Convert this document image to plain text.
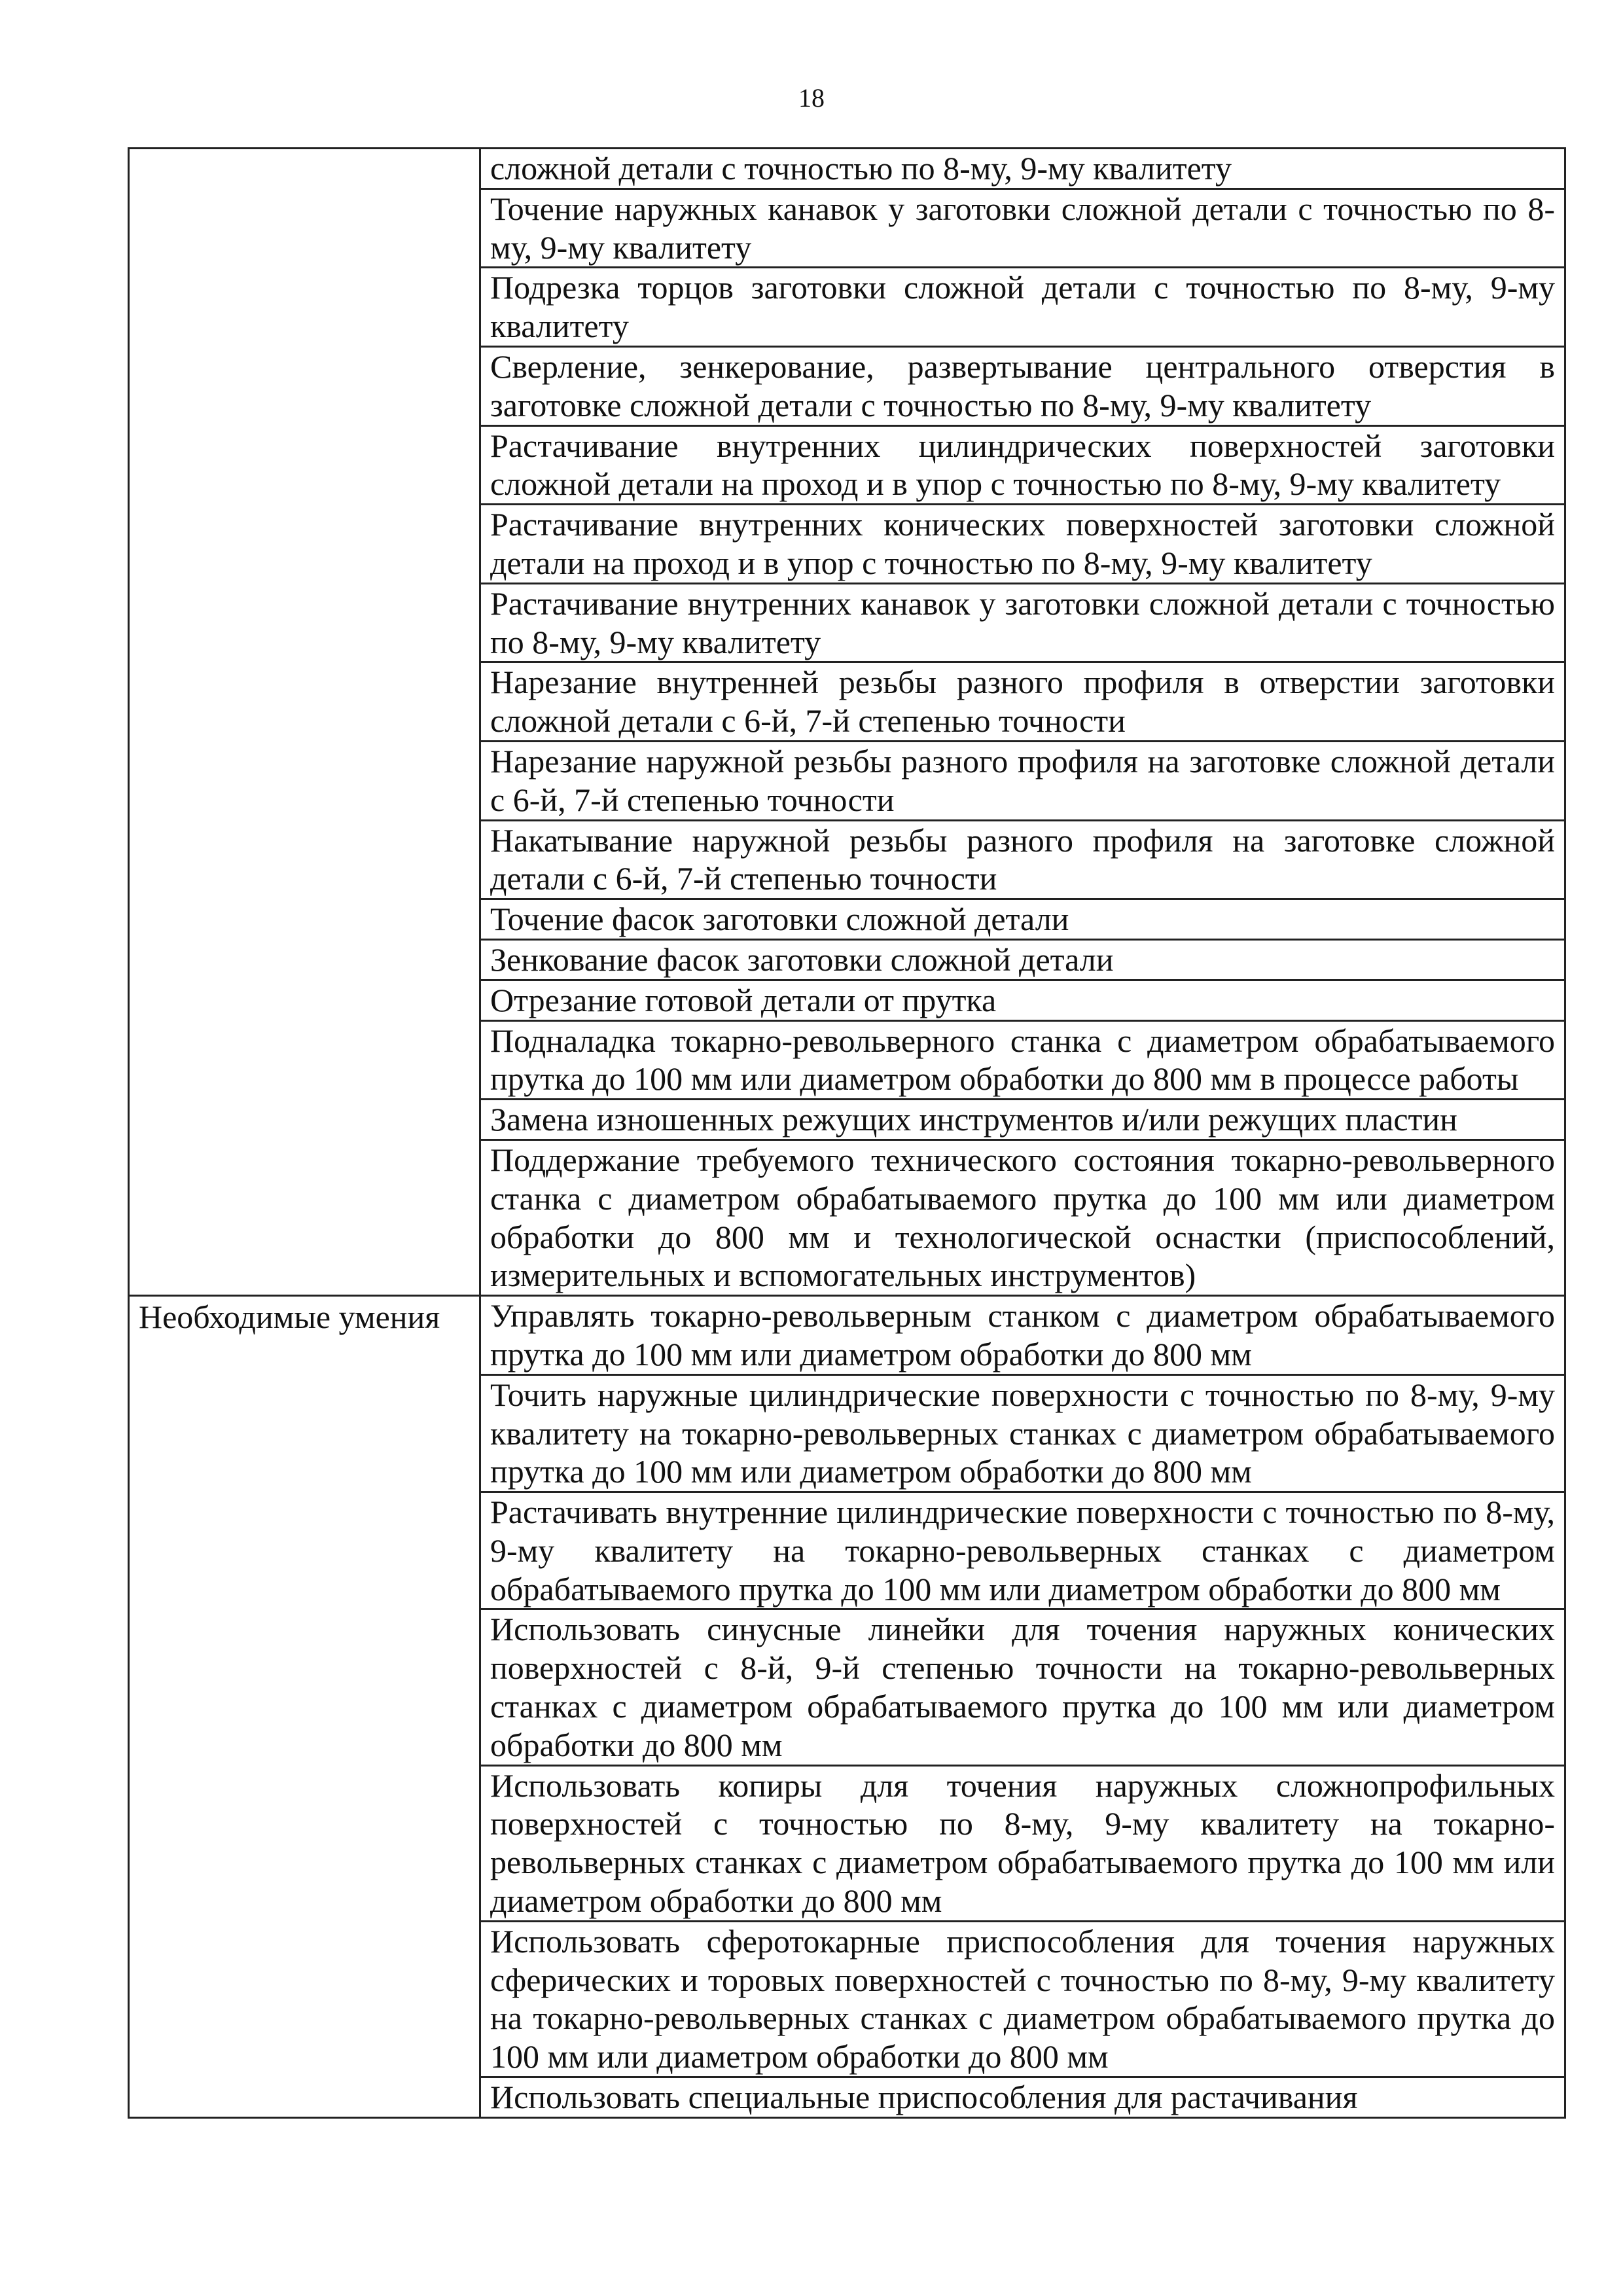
18

	сложной детали с точностью по 8-му, 9-му квалитету

	Точение наружных канавок у заготовки сложной детали с точностью по 8-му, 9-му квалитету

	Подрезка торцов заготовки сложной детали с точностью по 8-му, 9-му квалитету

	Сверление, зенкерование, развертывание центрального отверстия в заготовке сложной детали с точностью по 8-му, 9-му квалитету

	Растачивание внутренних цилиндрических поверхностей заготовки сложной детали на проход и в упор с точностью по 8-му, 9-му квалитету

	Растачивание внутренних конических поверхностей заготовки сложной детали на проход и в упор с точностью по 8-му, 9-му квалитету

	Растачивание внутренних канавок у заготовки сложной детали с точностью по 8-му, 9-му квалитету

	Нарезание внутренней резьбы разного профиля в отверстии заготовки сложной детали с 6-й, 7-й степенью точности

	Нарезание наружной резьбы разного профиля на заготовке сложной детали с 6-й, 7-й степенью точности

	Накатывание наружной резьбы разного профиля на заготовке сложной детали с 6-й, 7-й степенью точности

	Точение фасок заготовки сложной детали

	Зенкование фасок заготовки сложной детали

	Отрезание готовой детали от прутка

	Подналадка токарно-револьверного станка с диаметром обрабатываемого прутка до 100 мм или диаметром обработки до 800 мм в процессе работы

	Замена изношенных режущих инструментов и/или режущих пластин

	Поддержание требуемого технического состояния токарно-револьверного станка с диаметром обрабатываемого прутка до 100 мм или диаметром обработки до 800 мм и технологической оснастки (приспособлений, измерительных и вспомогательных инструментов)

Необходимые умения	Управлять токарно-револьверным станком с диаметром обрабатываемого прутка до 100 мм или диаметром обработки до 800 мм

	Точить наружные цилиндрические поверхности с точностью по 8-му, 9-му квалитету на токарно-револьверных станках с диаметром обрабатываемого прутка до 100 мм или диаметром обработки до 800 мм

	Растачивать внутренние цилиндрические поверхности с точностью по 8-му, 9-му квалитету на токарно-револьверных станках с диаметром обрабатываемого прутка до 100 мм или диаметром обработки до 800 мм

	Использовать синусные линейки для точения наружных конических поверхностей с 8-й, 9-й степенью точности на токарно-револьверных станках с диаметром обрабатываемого прутка до 100 мм или диаметром обработки до 800 мм

	Использовать копиры для точения наружных сложнопрофильных поверхностей с точностью по 8-му, 9-му квалитету на токарно-револьверных станках с диаметром обрабатываемого прутка до 100 мм или диаметром обработки до 800 мм

	Использовать сферотокарные приспособления для точения наружных сферических и торовых поверхностей с точностью по 8-му, 9-му квалитету на токарно-револьверных станках с диаметром обрабатываемого прутка до 100 мм или диаметром обработки до 800 мм

	Использовать специальные приспособления для растачивания
